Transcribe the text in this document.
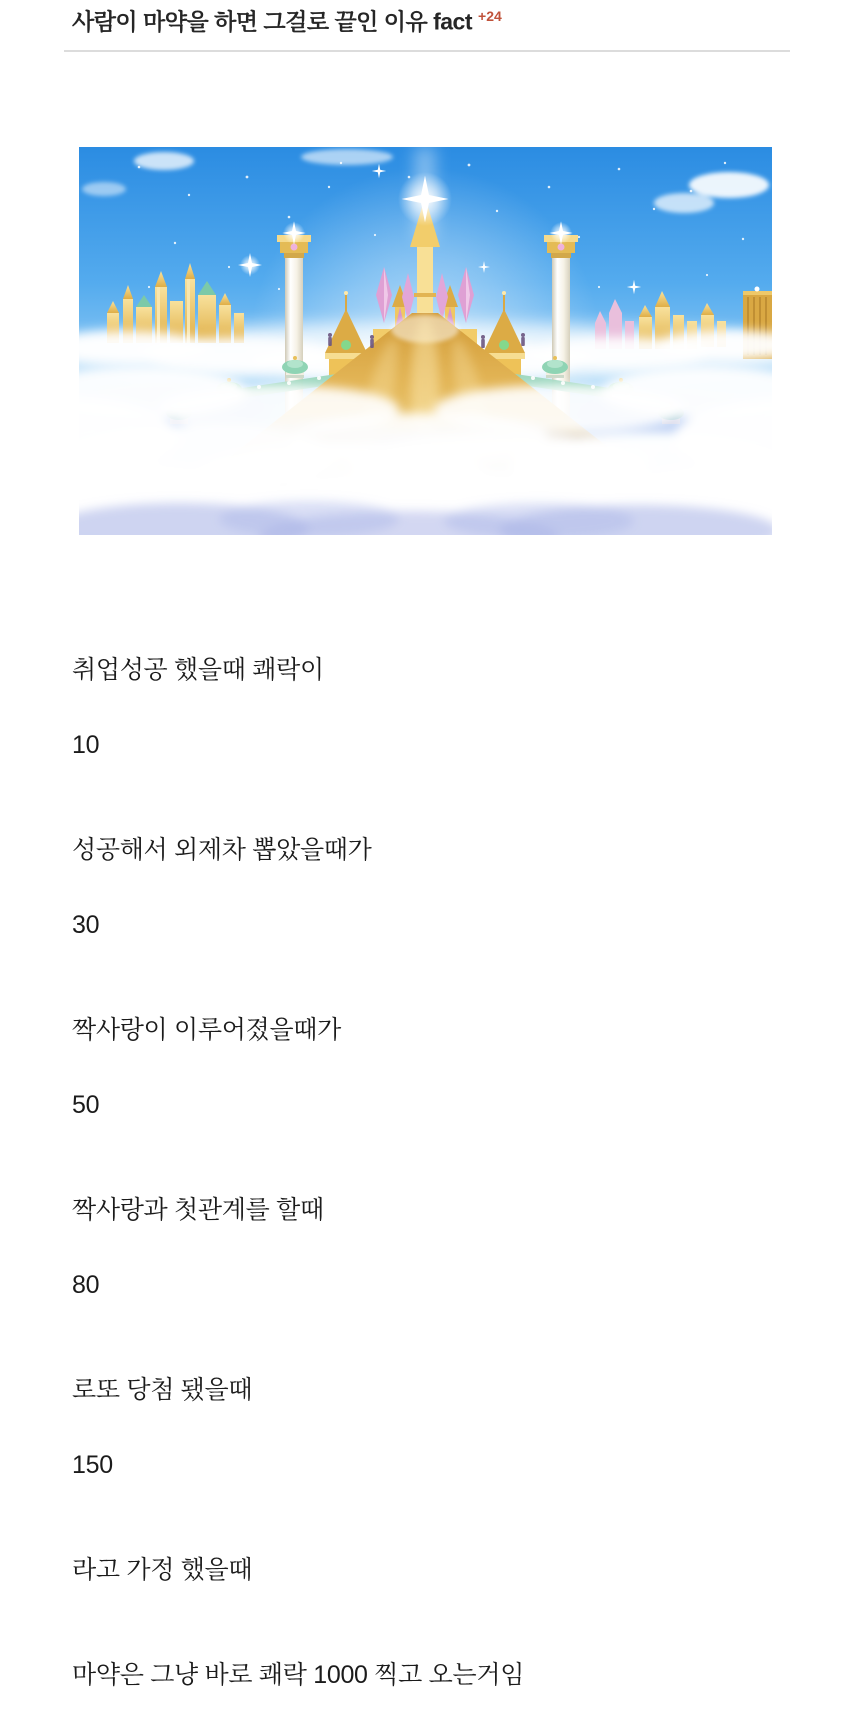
사람이 마약을 하면 그걸로 끝인 이유 fact $^{+24}$

취업성공 했을때 쾌락이

10

성공해서 외제차 뽑았을때가

30

짝사랑이 이루어졌을때가

50

짝사랑과 첫관계를 할때

80

로또 당첨 됐을때

150

라고 가정 했을때

마약은 그냥 바로 쾌락 1000 찍고 오는거임
